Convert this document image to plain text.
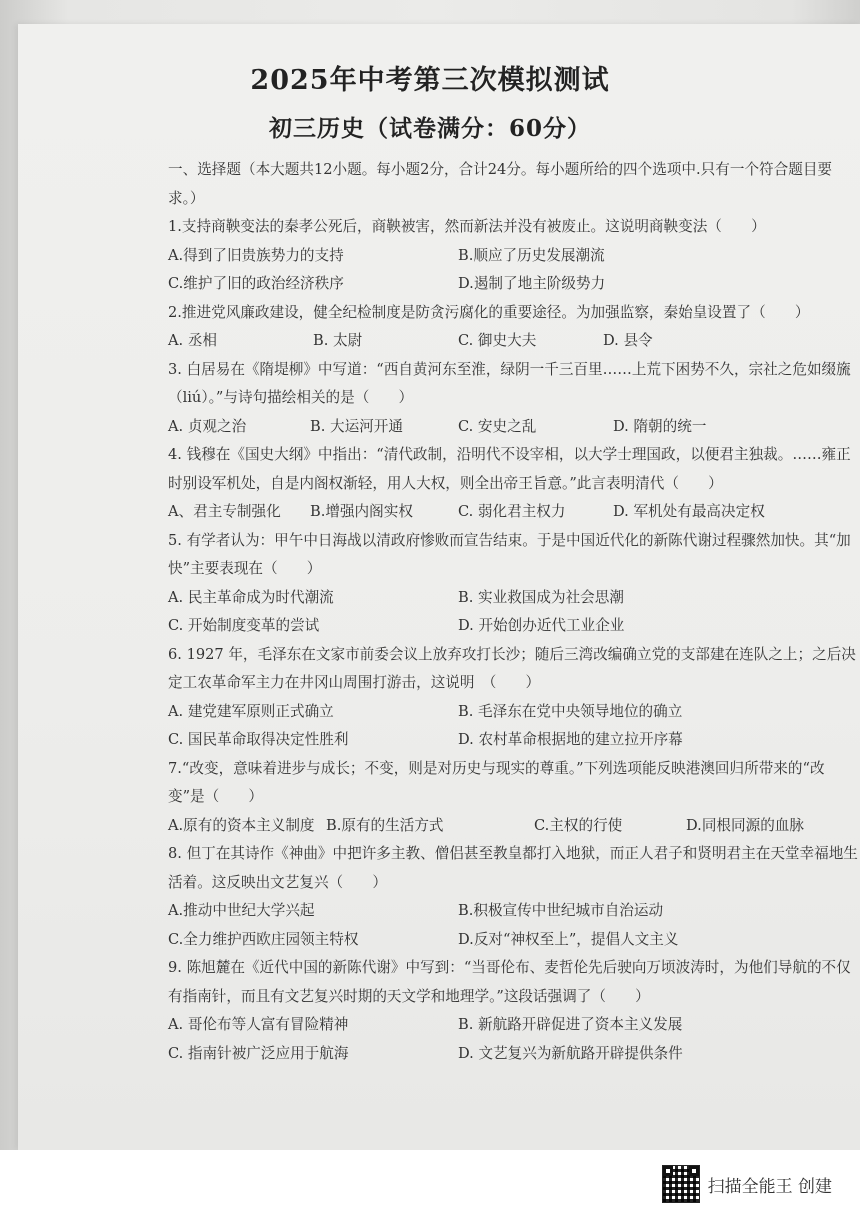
2025年中考第三次模拟测试
初三历史（试卷满分：60分）

一、选择题（本大题共12小题。每小题2分，合计24分。每小题所给的四个选项中.只有一个符合题目要求。）

1.支持商鞅变法的秦孝公死后，商鞅被害，然而新法并没有被废止。这说明商鞅变法（　　）

A.得到了旧贵族势力的支持	B.顺应了历史发展潮流
C.维护了旧的政治经济秩序	D.遏制了地主阶级势力

2.推进党风廉政建设，健全纪检制度是防贪污腐化的重要途径。为加强监察，秦始皇设置了（　　）

A. 丞相	B. 太尉	C. 御史大夫	D. 县令

3. 白居易在《隋堤柳》中写道：“西自黄河东至淮，绿阴一千三百里……上荒下困势不久，宗社之危如缀旒（liú）。”与诗句描绘相关的是（　　）

A. 贞观之治	B. 大运河开通	C. 安史之乱	D. 隋朝的统一

4. 钱穆在《国史大纲》中指出：“清代政制，沿明代不设宰相，以大学士理国政，以便君主独裁。……雍正时别设军机处，自是内阁权渐轻，用人大权，则全出帝王旨意。”此言表明清代（　　）

A、君主专制强化	B.增强内阁实权	C. 弱化君主权力	D. 军机处有最高决定权

5. 有学者认为：甲午中日海战以清政府惨败而宣告结束。于是中国近代化的新陈代谢过程骤然加快。其“加快”主要表现在（　　）

A. 民主革命成为时代潮流	B. 实业救国成为社会思潮
C. 开始制度变革的尝试	D. 开始创办近代工业企业

6. 1927 年，毛泽东在文家市前委会议上放弃攻打长沙；随后三湾改编确立党的支部建在连队之上；之后决定工农革命军主力在井冈山周围打游击，这说明　（　　）

A. 建党建军原则正式确立	B. 毛泽东在党中央领导地位的确立
C. 国民革命取得决定性胜利	D. 农村革命根据地的建立拉开序幕

7.“改变，意味着进步与成长；不变，则是对历史与现实的尊重。”下列选项能反映港澳回归所带来的“改变”是（　　）

A.原有的资本主义制度 B.原有的生活方式	C.主权的行使	D.同根同源的血脉

8. 但丁在其诗作《神曲》中把许多主教、僧侣甚至教皇都打入地狱，而正人君子和贤明君主在天堂幸福地生活着。这反映出文艺复兴（　　）

A.推动中世纪大学兴起	B.积极宣传中世纪城市自治运动
C.全力维护西欧庄园领主特权	D.反对“神权至上”，提倡人文主义

9. 陈旭麓在《近代中国的新陈代谢》中写到：“当哥伦布、麦哲伦先后驶向万顷波涛时，为他们导航的不仅有指南针，而且有文艺复兴时期的天文学和地理学。”这段话强调了（　　）

A. 哥伦布等人富有冒险精神	B. 新航路开辟促进了资本主义发展
C. 指南针被广泛应用于航海	D. 文艺复兴为新航路开辟提供条件
扫描全能王 创建
